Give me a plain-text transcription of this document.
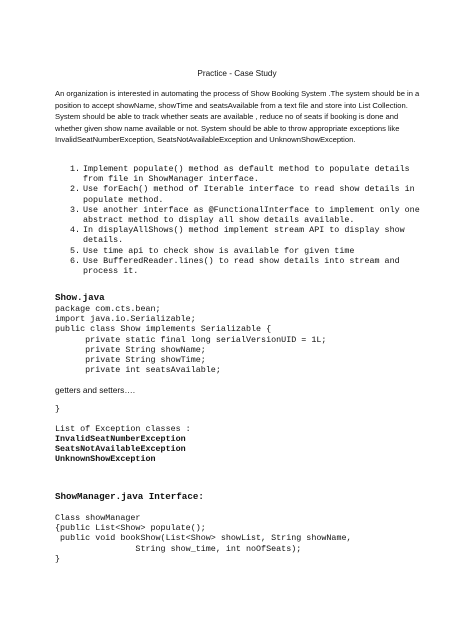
Practice - Case Study
An organization is interested in automating the process of Show Booking System .The system should be in a position to accept showName, showTime and seatsAvailable from a text file and store into List Collection. System should be able to track whether seats are available , reduce no of seats if booking is done and whether given show name available or not. System should be able to throw appropriate exceptions like InvalidSeatNumberException, SeatsNotAvailableException and UnknownShowException.
1. Implement populate() method as default method to populate details from file in ShowManager interface.
2. Use forEach() method of Iterable interface to read show details in populate method.
3. Use another interface as @FunctionalInterface to implement only one abstract method to display all show details available.
4. In displayAllShows() method implement stream API to display show details.
5. Use time api to check show is available for given time
6. Use BufferedReader.lines() to read show details into stream and process it.
Show.java
package com.cts.bean;
import java.io.Serializable;
public class Show implements Serializable {
private static final long serialVersionUID = 1L;
private String showName;
private String showTime;
private int seatsAvailable;
getters and setters….
}
List of Exception classes :
InvalidSeatNumberException
SeatsNotAvailableException
UnknownShowException
ShowManager.java Interface:
Class showManager
{public List<Show> populate();
public void bookShow(List<Show> showList, String showName,
String show_time, int noOfSeats);
}
